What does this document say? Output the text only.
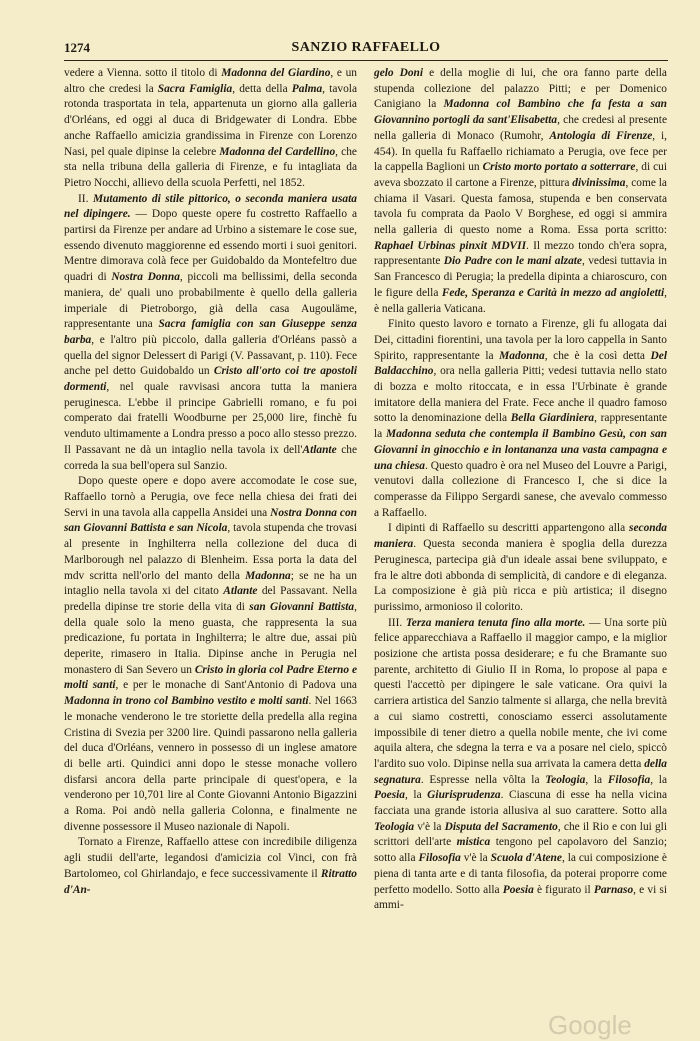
1274	SANZIO RAFFAELLO

vedere a Vienna. sotto il titolo di Madonna del Giardino, e un altro che credesi la Sacra Famiglia, detta della Palma, tavola rotonda trasportata in tela, appartenuta un giorno alla galleria d'Orléans, ed oggi al duca di Bridgewater di Londra. Ebbe anche Raffaello amicizia grandissima in Firenze con Lorenzo Nasi, pel quale dipinse la celebre Madonna del Cardellino, che sta nella tribuna della galleria di Firenze, e fu intagliata da Pietro Nocchi, allievo della scuola Perfetti, nel 1852.

II. Mutamento di stile pittorico, o seconda maniera usata nel dipingere. — Dopo queste opere fu costretto Raffaello a partirsi da Firenze per andare ad Urbino a sistemare le cose sue, essendo divenuto maggiorenne ed essendo morti i suoi genitori. Mentre dimorava colà fece per Guidobaldo da Montefeltro due quadri di Nostra Donna, piccoli ma bellissimi, della seconda maniera, de' quali uno probabilmente è quello della galleria imperiale di Pietroborgo, già della casa Augouläme, rappresentante una Sacra famiglia con san Giuseppe senza barba, e l'altro più piccolo, dalla galleria d'Orléans passò a quella del signor Delessert di Parigi (V. Passavant, p. 110). Fece anche pel detto Guidobaldo un Cristo all'orto coi tre apostoli dormenti, nel quale ravvisasi ancora tutta la maniera peruginesca. L'ebbe il principe Gabrielli romano, e fu poi comperato dai fratelli Woodburne per 25,000 lire, finchè fu venduto ultimamente a Londra presso a poco allo stesso prezzo. Il Passavant ne dà un intaglio nella tavola ix dell'Atlante che correda la sua bell'opera sul Sanzio.

Dopo queste opere e dopo avere accomodate le cose sue, Raffaello tornò a Perugia, ove fece nella chiesa dei frati dei Servi in una tavola alla cappella Ansidei una Nostra Donna con san Giovanni Battista e san Nicola, tavola stupenda che trovasi al presente in Inghilterra nella collezione del duca di Marlborough nel palazzo di Blenheim. Essa porta la data del mdv scritta nell'orlo del manto della Madonna; se ne ha un intaglio nella tavola xi del citato Atlante del Passavant. Nella predella dipinse tre storie della vita di san Giovanni Battista, della quale solo la meno guasta, che rappresenta la sua predicazione, fu portata in Inghilterra; le altre due, assai più deperite, rimasero in Italia. Dipinse anche in Perugia nel monastero di San Severo un Cristo in gloria col Padre Eterno e molti santi, e per le monache di Sant'Antonio di Padova una Madonna in trono col Bambino vestito e molti santi. Nel 1663 le monache venderono le tre storiette della predella alla regina Cristina di Svezia per 3200 lire. Quindi passarono nella galleria del duca d'Orléans, vennero in possesso di un inglese amatore di belle arti. Quindici anni dopo le stesse monache vollero disfarsi ancora della parte principale di quest'opera, e la venderono per 10,701 lire al Conte Giovanni Antonio Bigazzini a Roma. Poi andò nella galleria Colonna, e finalmente ne divenne possessore il Museo nazionale di Napoli.

Tornato a Firenze, Raffaello attese con incredibile diligenza agli studii dell'arte, legandosi d'amicizia col Vinci, con frà Bartolomeo, col Ghirlandajo, e fece successivamente il Ritratto d'An-

gelo Doni e della moglie di lui, che ora fanno parte della stupenda collezione del palazzo Pitti; e per Domenico Canigiano la Madonna col Bambino che fa festa a san Giovannino portogli da sant'Elisabetta, che credesi al presente nella galleria di Monaco (Rumohr, Antologia di Firenze, i, 454). In quella fu Raffaello richiamato a Perugia, ove fece per la cappella Baglioni un Cristo morto portato a sotterrare, di cui aveva sbozzato il cartone a Firenze, pittura divinissima, come la chiama il Vasari. Questa famosa, stupenda e ben conservata tavola fu comprata da Paolo V Borghese, ed oggi si ammira nella galleria di questo nome a Roma. Essa porta scritto: Raphael Urbinas pinxit MDVII. Il mezzo tondo ch'era sopra, rappresentante Dio Padre con le mani alzate, vedesi tuttavia in San Francesco di Perugia; la predella dipinta a chiaroscuro, con le figure della Fede, Speranza e Carità in mezzo ad angioletti, è nella galleria Vaticana.

Finito questo lavoro e tornato a Firenze, gli fu allogata dai Dei, cittadini fiorentini, una tavola per la loro cappella in Santo Spirito, rappresentante la Madonna, che è la così detta Del Baldacchino, ora nella galleria Pitti; vedesi tuttavia nello stato di bozza e molto ritoccata, e in essa l'Urbinate è grande imitatore della maniera del Frate. Fece anche il quadro famoso sotto la denominazione della Bella Giardiniera, rappresentante la Madonna seduta che contempla il Bambino Gesù, con san Giovanni in ginocchio e in lontananza una vasta campagna e una chiesa. Questo quadro è ora nel Museo del Louvre a Parigi, venutovi dalla collezione di Francesco I, che si dice la comperasse da Filippo Sergardi sanese, che avevalo commesso a Raffaello.

I dipinti di Raffaello su descritti appartengono alla seconda maniera. Questa seconda maniera è spoglia della durezza Peruginesca, partecipa già d'un ideale assai bene sviluppato, e fra le altre doti abbonda di semplicità, di candore e di eleganza. La composizione è già più ricca e più artistica; il disegno purissimo, armonioso il colorito.

III. Terza maniera tenuta fino alla morte. — Una sorte più felice apparecchiava a Raffaello il maggior campo, e la miglior posizione che artista possa desiderare; e fu che Bramante suo parente, architetto di Giulio II in Roma, lo propose al papa e questi l'accettò per dipingere le sale vaticane. Ora quivi la carriera artistica del Sanzio talmente si allarga, che nella brevità a cui siamo costretti, conosciamo esserci assolutamente impossibile di tener dietro a quella nobile mente, che ivi come aquila altera, che sdegna la terra e va a posare nel cielo, spiccò l'ardito suo volo. Dipinse nella sua arrivata la camera detta della segnatura. Espresse nella vôlta la Teologia, la Filosofia, la Poesia, la Giurisprudenza. Ciascuna di esse ha nella vicina facciata una grande istoria allusiva al suo carattere. Sotto alla Teologia v'è la Disputa del Sacramento, che il Rio e con lui gli scrittori dell'arte mistica tengono pel capolavoro del Sanzio; sotto alla Filosofia v'è la Scuola d'Atene, la cui composizione è piena di tanta arte e di tanta filosofia, da poterai proporre come perfetto modello. Sotto alla Poesia è figurato il Parnaso, e vi si ammi-

Google
